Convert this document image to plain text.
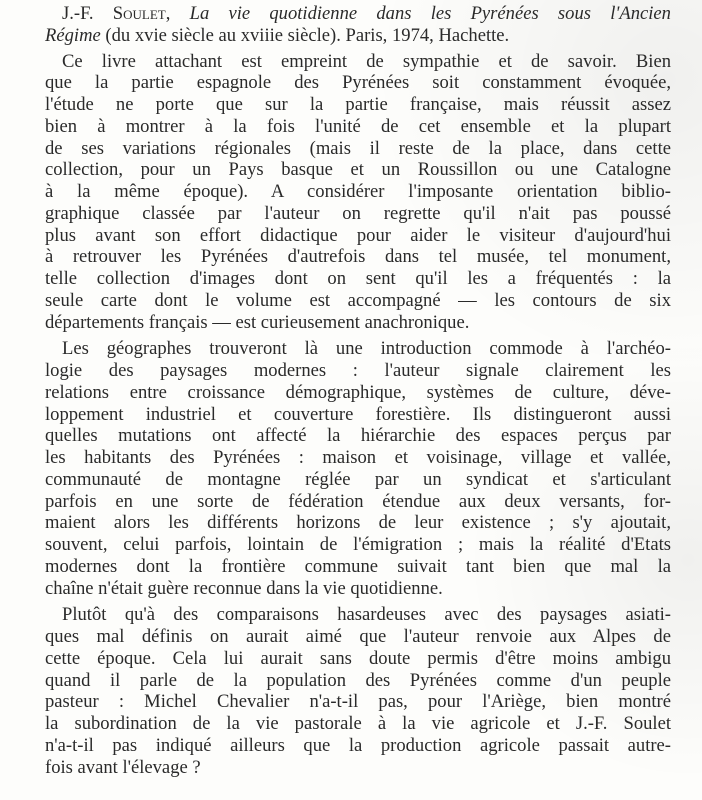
J.-F. Soulet, La vie quotidienne dans les Pyrénées sous l'Ancien
Régime (du xvie siècle au xviiie siècle). Paris, 1974, Hachette.
Ce livre attachant est empreint de sympathie et de savoir. Bien
que la partie espagnole des Pyrénées soit constamment évoquée,
l'étude ne porte que sur la partie française, mais réussit assez
bien à montrer à la fois l'unité de cet ensemble et la plupart
de ses variations régionales (mais il reste de la place, dans cette
collection, pour un Pays basque et un Roussillon ou une Catalogne
à la même époque). A considérer l'imposante orientation biblio-
graphique classée par l'auteur on regrette qu'il n'ait pas poussé
plus avant son effort didactique pour aider le visiteur d'aujourd'hui
à retrouver les Pyrénées d'autrefois dans tel musée, tel monument,
telle collection d'images dont on sent qu'il les a fréquentés : la
seule carte dont le volume est accompagné — les contours de six
départements français — est curieusement anachronique.
Les géographes trouveront là une introduction commode à l'archéo-
logie des paysages modernes : l'auteur signale clairement les
relations entre croissance démographique, systèmes de culture, déve-
loppement industriel et couverture forestière. Ils distingueront aussi
quelles mutations ont affecté la hiérarchie des espaces perçus par
les habitants des Pyrénées : maison et voisinage, village et vallée,
communauté de montagne réglée par un syndicat et s'articulant
parfois en une sorte de fédération étendue aux deux versants, for-
maient alors les différents horizons de leur existence ; s'y ajoutait,
souvent, celui parfois, lointain de l'émigration ; mais la réalité d'Etats
modernes dont la frontière commune suivait tant bien que mal la
chaîne n'était guère reconnue dans la vie quotidienne.
Plutôt qu'à des comparaisons hasardeuses avec des paysages asiati-
ques mal définis on aurait aimé que l'auteur renvoie aux Alpes de
cette époque. Cela lui aurait sans doute permis d'être moins ambigu
quand il parle de la population des Pyrénées comme d'un peuple
pasteur : Michel Chevalier n'a-t-il pas, pour l'Ariège, bien montré
la subordination de la vie pastorale à la vie agricole et J.-F. Soulet
n'a-t-il pas indiqué ailleurs que la production agricole passait autre-
fois avant l'élevage ?
